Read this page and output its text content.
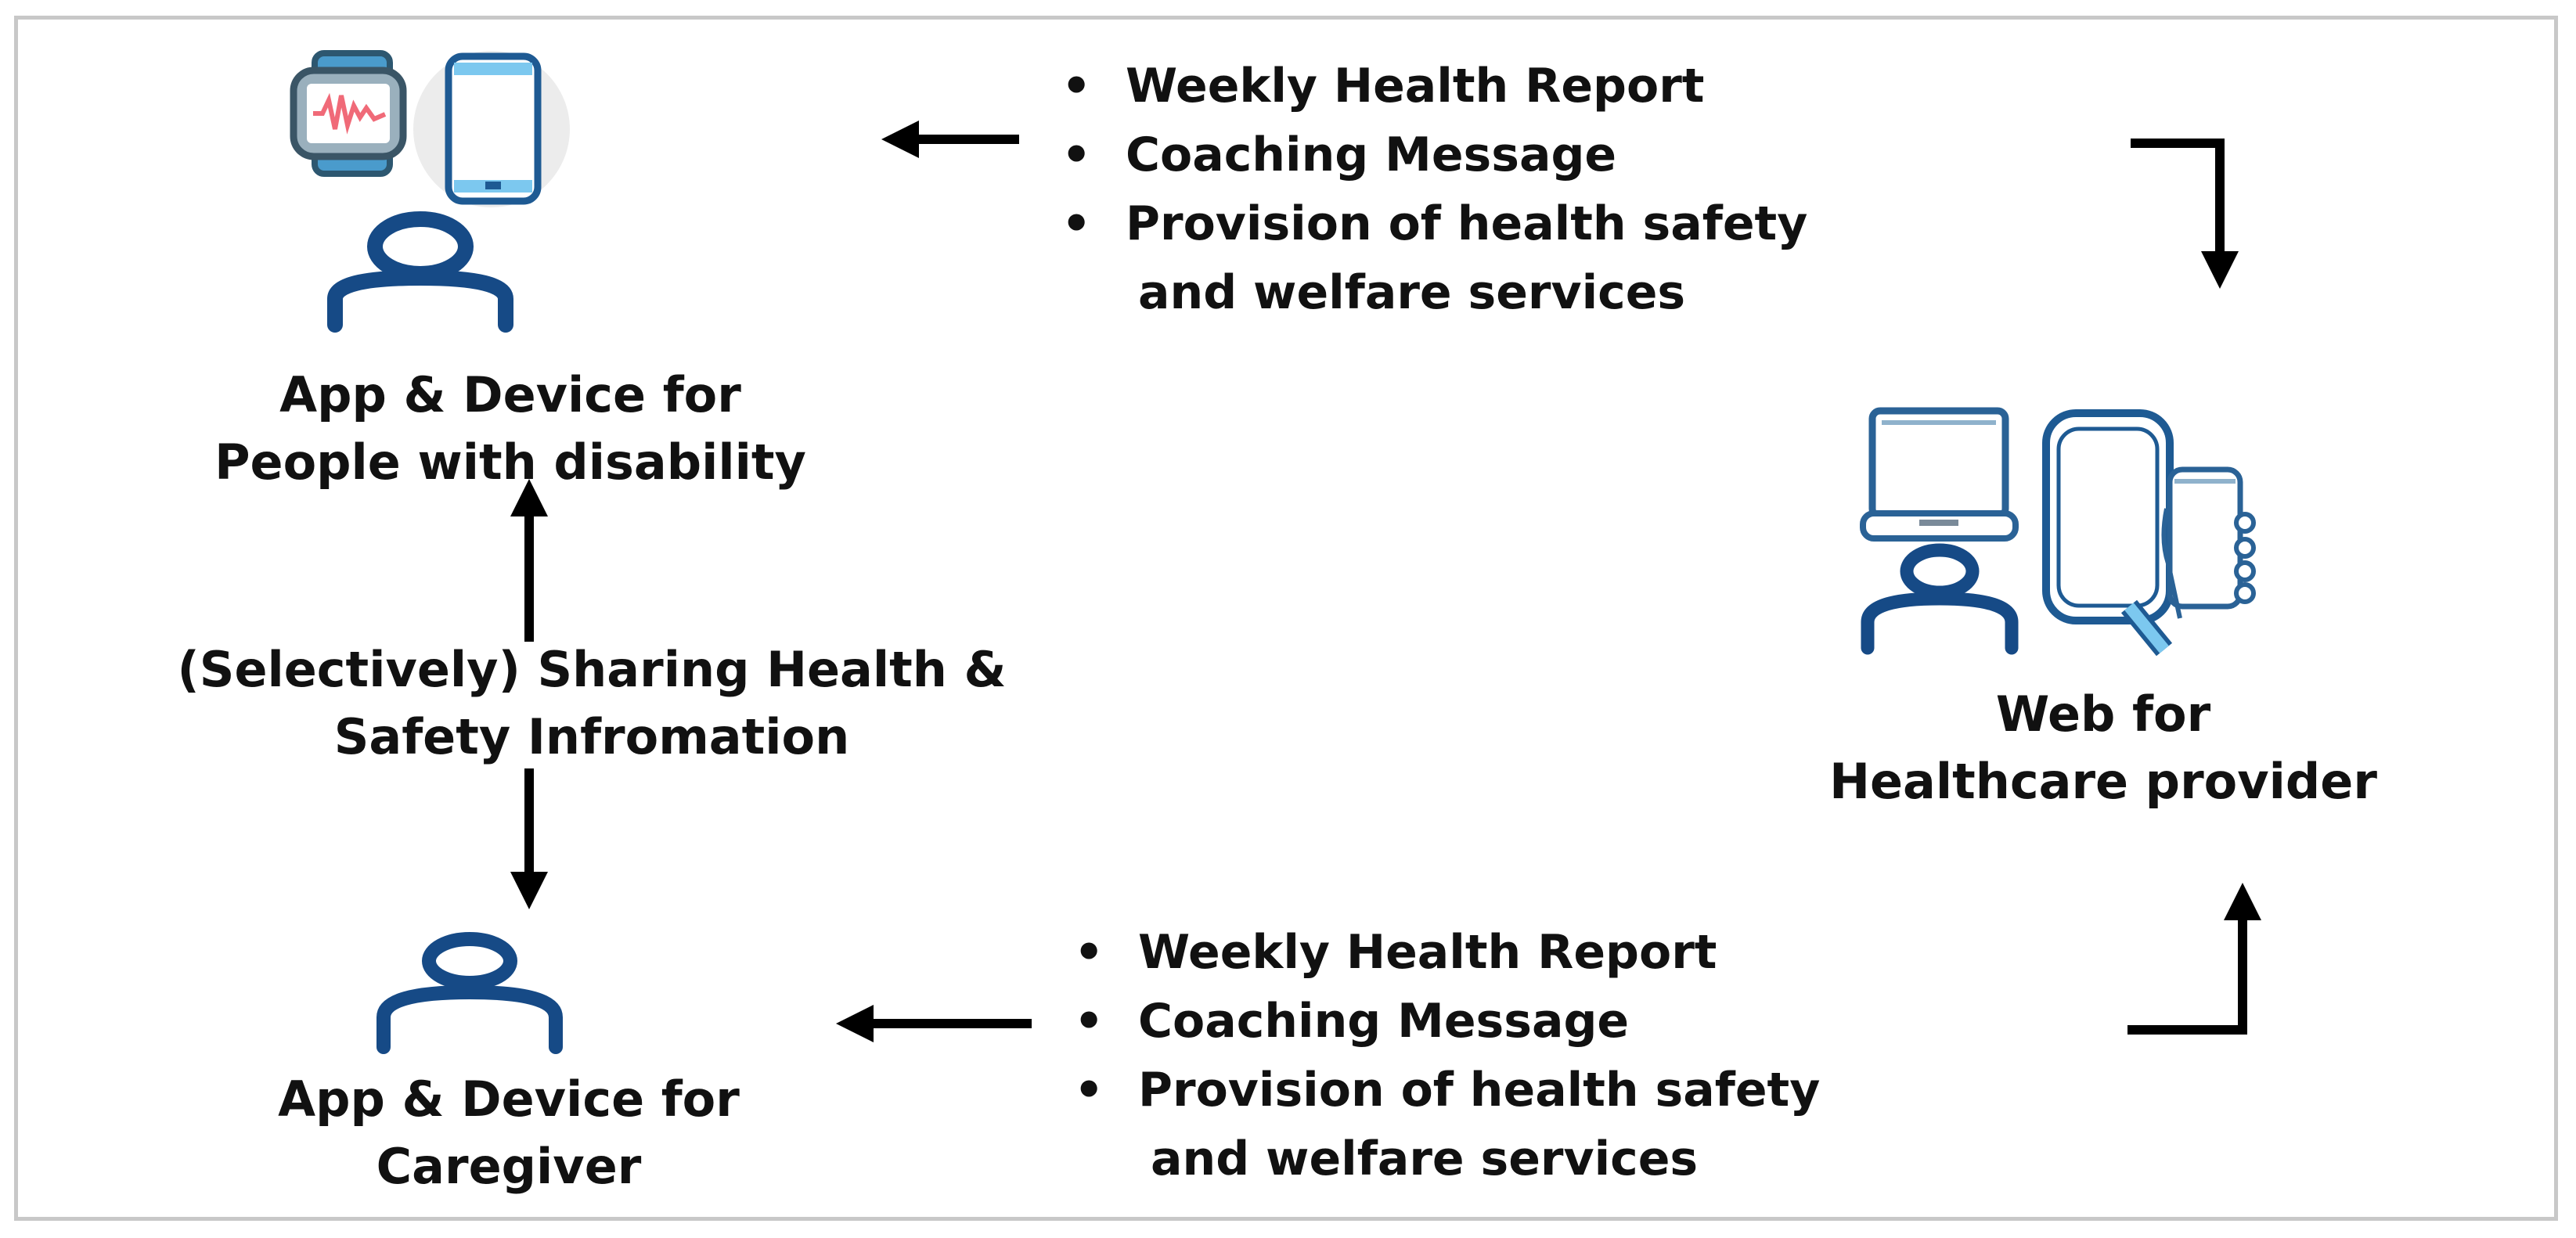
App & Device for
People with disability
(Selectively) Sharing Health &
Safety Infromation
App & Device for
Caregiver
Web for
Healthcare provider
• Weekly Health Report
• Coaching Message
• Provision of health safety
and welfare services
• Weekly Health Report
• Coaching Message
• Provision of health safety
and welfare services
